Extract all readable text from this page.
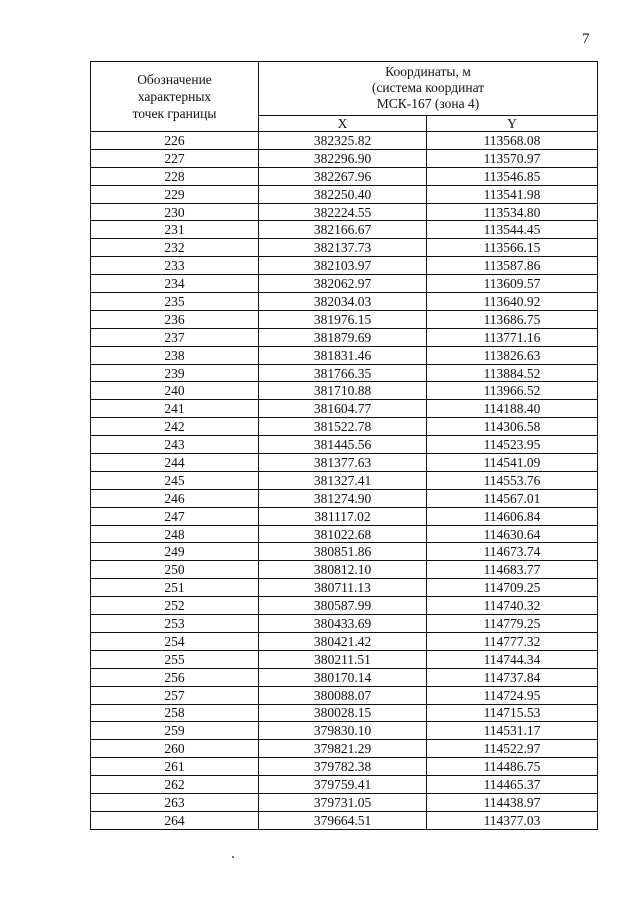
7
Обозначение
характерных
точек границы	Координаты, м
(система координат
МСК-167 (зона 4)	

	X	Y
226	382325.82	113568.08
227	382296.90	113570.97
228	382267.96	113546.85
229	382250.40	113541.98
230	382224.55	113534.80
231	382166.67	113544.45
232	382137.73	113566.15
233	382103.97	113587.86
234	382062.97	113609.57
235	382034.03	113640.92
236	381976.15	113686.75
237	381879.69	113771.16
238	381831.46	113826.63
239	381766.35	113884.52
240	381710.88	113966.52
241	381604.77	114188.40
242	381522.78	114306.58
243	381445.56	114523.95
244	381377.63	114541.09
245	381327.41	114553.76
246	381274.90	114567.01
247	381117.02	114606.84
248	381022.68	114630.64
249	380851.86	114673.74
250	380812.10	114683.77
251	380711.13	114709.25
252	380587.99	114740.32
253	380433.69	114779.25
254	380421.42	114777.32
255	380211.51	114744.34
256	380170.14	114737.84
257	380088.07	114724.95
258	380028.15	114715.53
259	379830.10	114531.17
260	379821.29	114522.97
261	379782.38	114486.75
262	379759.41	114465.37
263	379731.05	114438.97
264	379664.51	114377.03
